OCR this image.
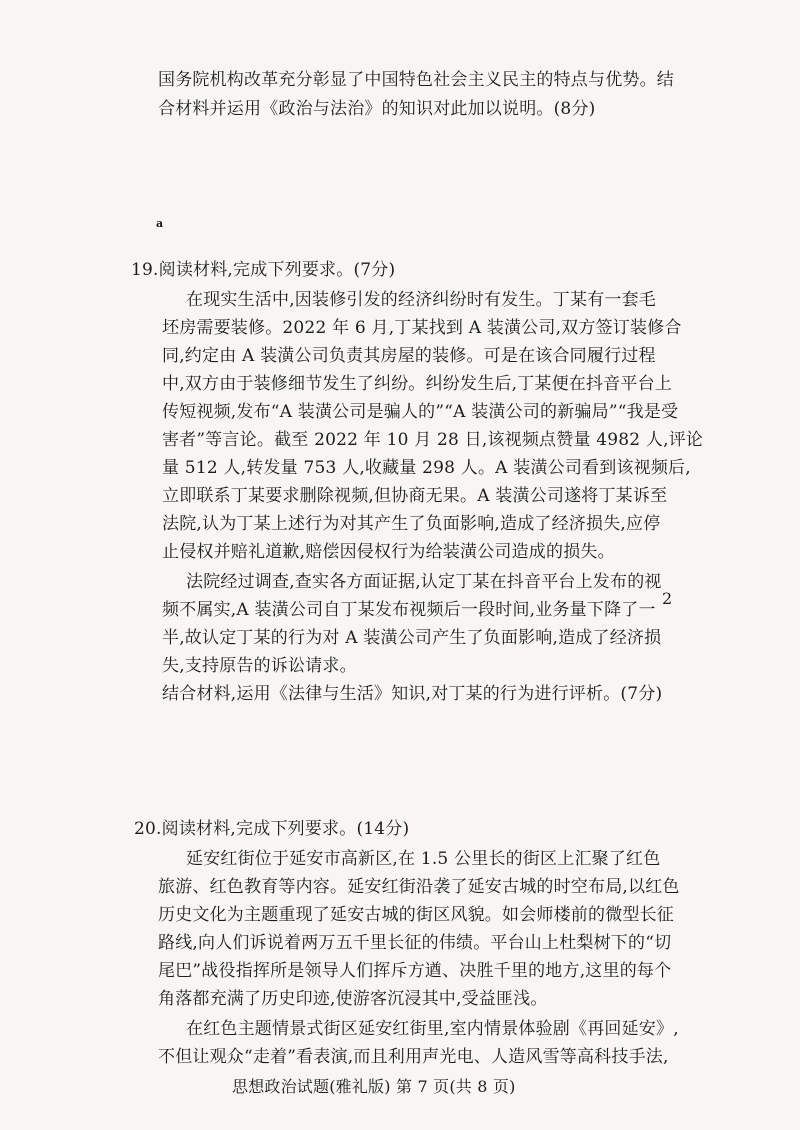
国务院机构改革充分彰显了中国特色社会主义民主的特点与优势。结
合材料并运用《政治与法治》的知识对此加以说明。(8分)
a
19.阅读材料,完成下列要求。(7分)
在现实生活中,因装修引发的经济纠纷时有发生。丁某有一套毛
坯房需要装修。2022 年 6 月,丁某找到 A 装潢公司,双方签订装修合
同,约定由 A 装潢公司负责其房屋的装修。可是在该合同履行过程
中,双方由于装修细节发生了纠纷。纠纷发生后,丁某便在抖音平台上
传短视频,发布“A 装潢公司是骗人的”“A 装潢公司的新骗局”“我是受
害者”等言论。截至 2022 年 10 月 28 日,该视频点赞量 4982 人,评论
量 512 人,转发量 753 人,收藏量 298 人。A 装潢公司看到该视频后,
立即联系丁某要求删除视频,但协商无果。A 装潢公司遂将丁某诉至
法院,认为丁某上述行为对其产生了负面影响,造成了经济损失,应停
止侵权并赔礼道歉,赔偿因侵权行为给装潢公司造成的损失。
法院经过调查,查实各方面证据,认定丁某在抖音平台上发布的视
频不属实,A 装潢公司自丁某发布视频后一段时间,业务量下降了一
半,故认定丁某的行为对 A 装潢公司产生了负面影响,造成了经济损
失,支持原告的诉讼请求。
结合材料,运用《法律与生活》知识,对丁某的行为进行评析。(7分)
2
20.阅读材料,完成下列要求。(14分)
延安红街位于延安市高新区,在 1.5 公里长的街区上汇聚了红色
旅游、红色教育等内容。延安红街沿袭了延安古城的时空布局,以红色
历史文化为主题重现了延安古城的街区风貌。如会师楼前的微型长征
路线,向人们诉说着两万五千里长征的伟绩。平台山上杜梨树下的“切
尾巴”战役指挥所是领导人们挥斥方遒、决胜千里的地方,这里的每个
角落都充满了历史印迹,使游客沉浸其中,受益匪浅。
在红色主题情景式街区延安红街里,室内情景体验剧《再回延安》,
不但让观众“走着”看表演,而且利用声光电、人造风雪等高科技手法,
思想政治试题(雅礼版) 第 7 页(共 8 页)
